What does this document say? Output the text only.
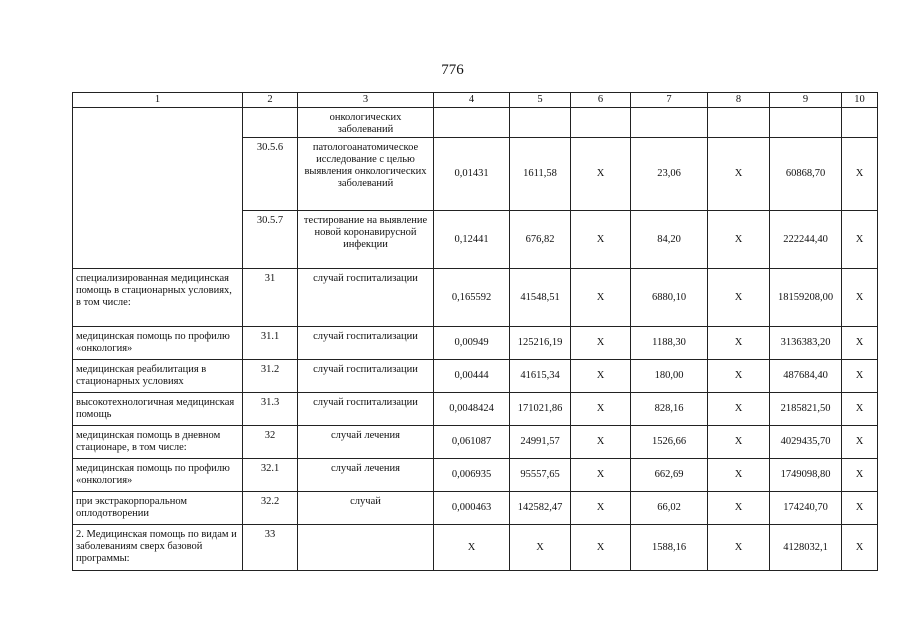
776
1	2	3	4	5	6	7	8	9	10
		онкологических заболеваний							
	30.5.6	патологоанатомическое исследование с целью выявления онкологических заболеваний	0,01431	1611,58	Х	23,06	Х	60868,70	Х
	30.5.7	тестирование на выявление новой коронавирусной инфекции	0,12441	676,82	Х	84,20	Х	222244,40	Х
специализированная медицинская помощь в стационарных условиях, в том числе:	31	случай госпитализации	0,165592	41548,51	Х	6880,10	Х	18159208,00	Х
медицинская помощь по профилю «онкология»	31.1	случай госпитализации	0,00949	125216,19	Х	1188,30	Х	3136383,20	Х
медицинская реабилитация в стационарных условиях	31.2	случай госпитализации	0,00444	41615,34	Х	180,00	Х	487684,40	Х
высокотехнологичная медицинская помощь	31.3	случай госпитализации	0,0048424	171021,86	Х	828,16	Х	2185821,50	Х
медицинская помощь в дневном стационаре, в том числе:	32	случай лечения	0,061087	24991,57	Х	1526,66	Х	4029435,70	Х
медицинская помощь по профилю «онкология»	32.1	случай лечения	0,006935	95557,65	Х	662,69	Х	1749098,80	Х
при экстракорпоральном оплодотворении	32.2	случай	0,000463	142582,47	Х	66,02	Х	174240,70	Х
2. Медицинская помощь по видам и заболеваниям сверх базовой программы:	33		Х	Х	Х	1588,16	Х	4128032,1	Х
